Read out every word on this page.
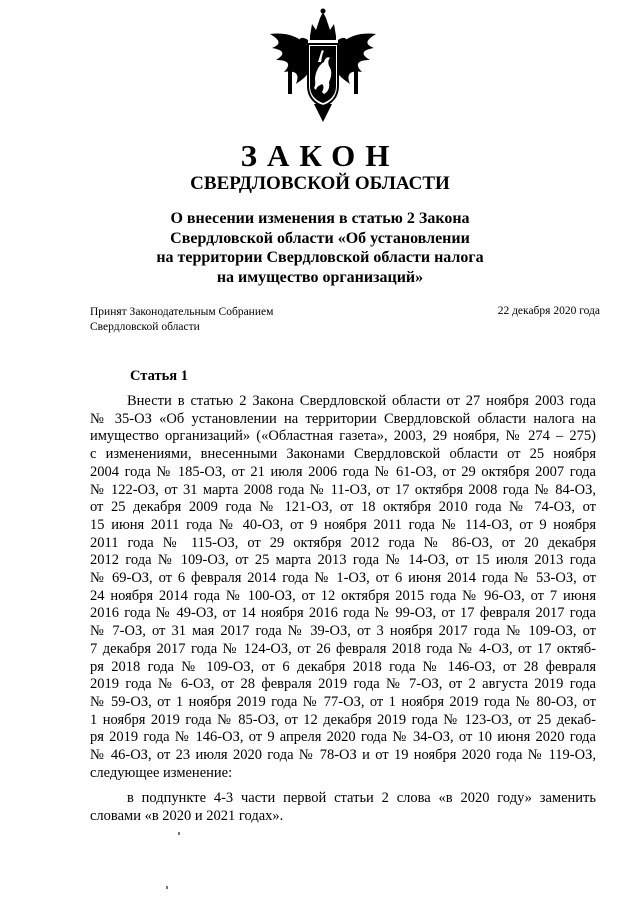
ЗАКОН
СВЕРДЛОВСКОЙ ОБЛАСТИ
О внесении изменения в статью 2 Закона
Свердловской области «Об установлении
на территории Свердловской области налога
на имущество организаций»
Принят Законодательным Собранием
Свердловской области
22 декабря 2020 года
Статья 1
Внести в статью 2 Закона Свердловской области от 27 ноября 2003 года
№ 35-ОЗ «Об установлении на территории Свердловской области налога на
имущество организаций» («Областная газета», 2003, 29 ноября, № 274 – 275)
с изменениями, внесенными Законами Свердловской области от 25 ноября
2004 года № 185-ОЗ, от 21 июля 2006 года № 61-ОЗ, от 29 октября 2007 года
№ 122-ОЗ, от 31 марта 2008 года № 11-ОЗ, от 17 октября 2008 года № 84-ОЗ,
от 25 декабря 2009 года № 121-ОЗ, от 18 октября 2010 года № 74-ОЗ, от
15 июня 2011 года № 40-ОЗ, от 9 ноября 2011 года № 114-ОЗ, от 9 ноября
2011 года № 115-ОЗ, от 29 октября 2012 года № 86-ОЗ, от 20 декабря
2012 года № 109-ОЗ, от 25 марта 2013 года № 14-ОЗ, от 15 июля 2013 года
№ 69-ОЗ, от 6 февраля 2014 года № 1-ОЗ, от 6 июня 2014 года № 53-ОЗ, от
24 ноября 2014 года № 100-ОЗ, от 12 октября 2015 года № 96-ОЗ, от 7 июня
2016 года № 49-ОЗ, от 14 ноября 2016 года № 99-ОЗ, от 17 февраля 2017 года
№ 7-ОЗ, от 31 мая 2017 года № 39-ОЗ, от 3 ноября 2017 года № 109-ОЗ, от
7 декабря 2017 года № 124-ОЗ, от 26 февраля 2018 года № 4-ОЗ, от 17 октяб-
ря 2018 года № 109-ОЗ, от 6 декабря 2018 года № 146-ОЗ, от 28 февраля
2019 года № 6-ОЗ, от 28 февраля 2019 года № 7-ОЗ, от 2 августа 2019 года
№ 59-ОЗ, от 1 ноября 2019 года № 77-ОЗ, от 1 ноября 2019 года № 80-ОЗ, от
1 ноября 2019 года № 85-ОЗ, от 12 декабря 2019 года № 123-ОЗ, от 25 декаб-
ря 2019 года № 146-ОЗ, от 9 апреля 2020 года № 34-ОЗ, от 10 июня 2020 года
№ 46-ОЗ, от 23 июля 2020 года № 78-ОЗ и от 19 ноября 2020 года № 119-ОЗ,
следующее изменение:
в подпункте 4-3 части первой статьи 2 слова «в 2020 году» заменить
словами «в 2020 и 2021 годах».
